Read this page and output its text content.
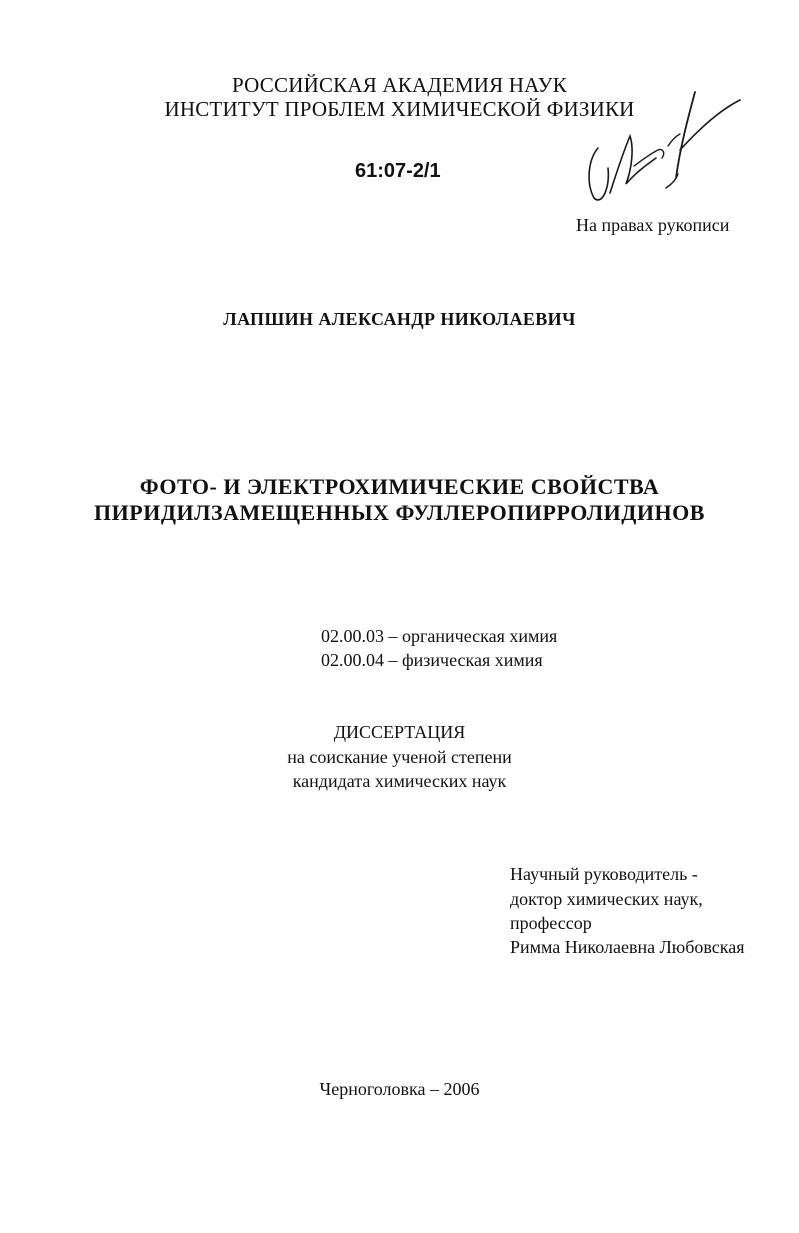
РОССИЙСКАЯ АКАДЕМИЯ НАУК
ИНСТИТУТ ПРОБЛЕМ ХИМИЧЕСКОЙ ФИЗИКИ
61:07-2/1
На правах рукописи
ЛАПШИН АЛЕКСАНДР НИКОЛАЕВИЧ
ФОТО- И ЭЛЕКТРОХИМИЧЕСКИЕ СВОЙСТВА
ПИРИДИЛЗАМЕЩЕННЫХ ФУЛЛЕРОПИРРОЛИДИНОВ
02.00.03 – органическая химия
02.00.04 – физическая химия
ДИССЕРТАЦИЯ
на соискание ученой степени
кандидата химических наук
Научный руководитель -
доктор химических наук,
профессор
Римма Николаевна Любовская
Черноголовка – 2006
